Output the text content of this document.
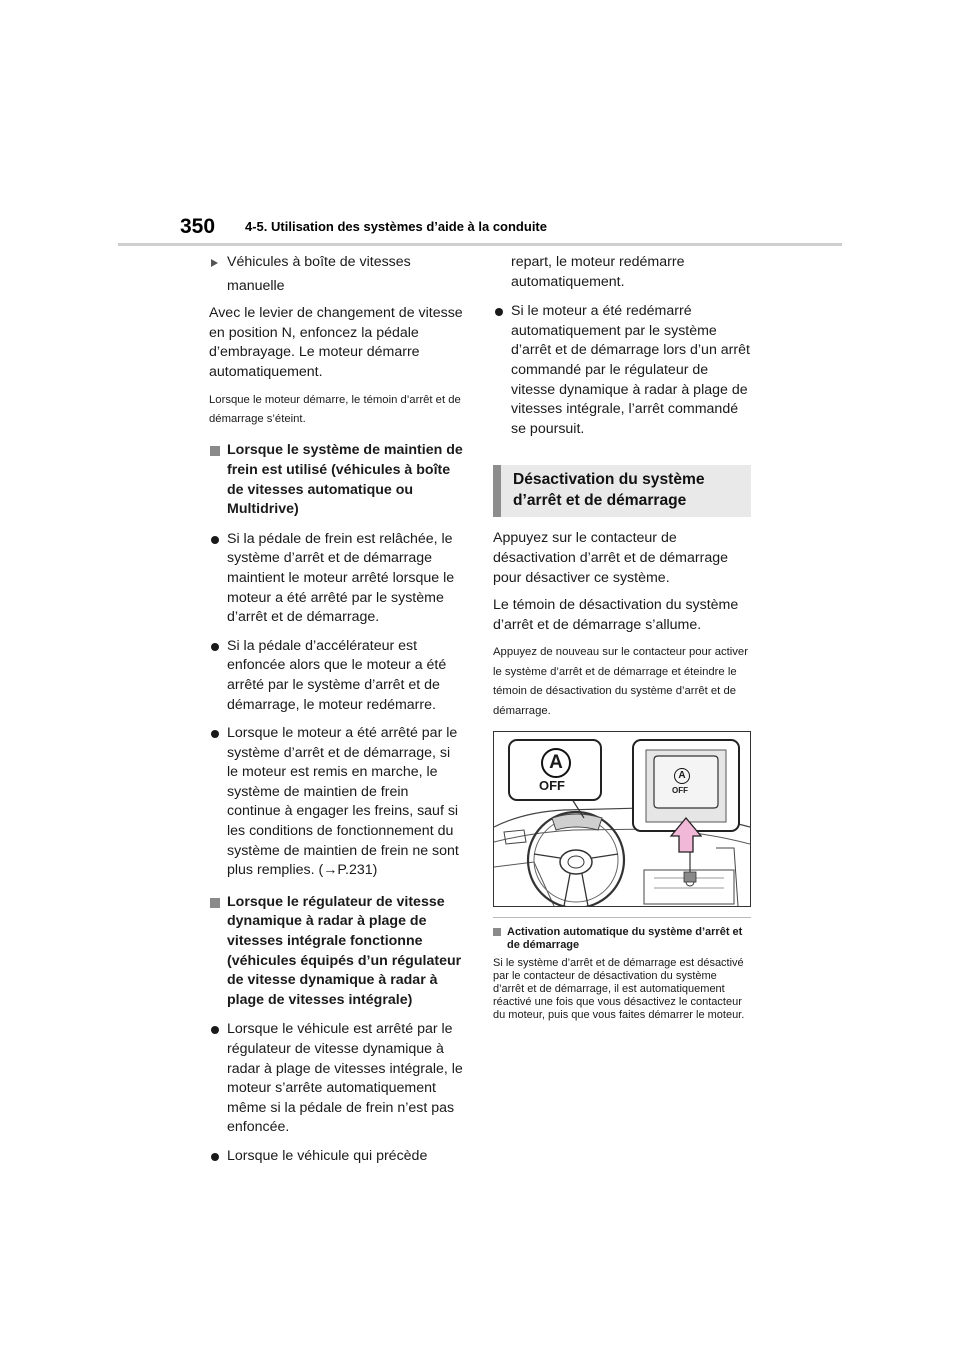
350 4-5. Utilisation des systèmes d’aide à la conduite
Véhicules à boîte de vitesses
manuelle

Avec le levier de changement de vitesse en position N, enfoncez la pédale d’embrayage. Le moteur démarre automatiquement.

Lorsque le moteur démarre, le témoin d’arrêt et de démarrage s’éteint.

Lorsque le système de maintien de frein est utilisé (véhicules à boîte de vitesses automatique ou Multidrive)
Si la pédale de frein est relâchée, le système d’arrêt et de démarrage maintient le moteur arrêté lorsque le moteur a été arrêté par le système d’arrêt et de démarrage.
Si la pédale d’accélérateur est enfoncée alors que le moteur a été arrêté par le système d’arrêt et de démarrage, le moteur redémarre.
Lorsque le moteur a été arrêté par le système d’arrêt et de démarrage, si le moteur est remis en marche, le système de maintien de frein continue à engager les freins, sauf si les conditions de fonctionnement du système de maintien de frein ne sont plus remplies. (→P.231)
Lorsque le régulateur de vitesse dynamique à radar à plage de vitesses intégrale fonctionne (véhicules équipés d’un régulateur de vitesse dynamique à radar à plage de vitesses intégrale)
Lorsque le véhicule est arrêté par le régulateur de vitesse dynamique à radar à plage de vitesses intégrale, le moteur s’arrête automatiquement même si la pédale de frein n’est pas enfoncée.
Lorsque le véhicule qui précède

repart, le moteur redémarre automatiquement.

Si le moteur a été redémarré automatiquement par le système d’arrêt et de démarrage lors d’un arrêt commandé par le régulateur de vitesse dynamique à radar à plage de vitesses intégrale, l’arrêt commandé se poursuit.
Désactivation du système d’arrêt et de démarrage

Appuyez sur le contacteur de désactivation d’arrêt et de démarrage pour désactiver ce système.

Le témoin de désactivation du système d’arrêt et de démarrage s’allume.

Appuyez de nouveau sur le contacteur pour activer le système d’arrêt et de démarrage et éteindre le témoin de désactivation du système d’arrêt et de démarrage.

A
OFF
A
OFF
Activation automatique du système d’arrêt et de démarrage

Si le système d’arrêt et de démarrage est désactivé par le contacteur de désactivation du système d’arrêt et de démarrage, il est automatiquement réactivé une fois que vous désactivez le contacteur du moteur, puis que vous faites démarrer le moteur.
